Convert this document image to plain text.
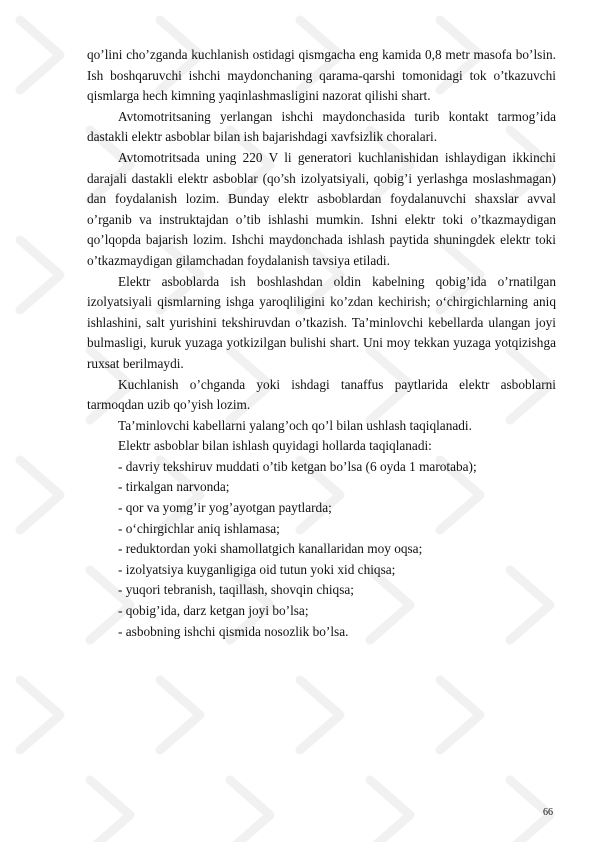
qo’lini cho’zganda kuchlanish ostidagi qismgacha eng kamida 0,8 metr masofa bo’lsin. Ish boshqaruvchi ishchi maydonchaning qarama-qarshi tomonidagi tok o’tkazuvchi qismlarga hech kimning yaqinlashmasligini nazorat qilishi shart.

Avtomotritsaning yerlangan ishchi maydonchasida turib kontakt tarmog’ida dastakli elektr asboblar bilan ish bajarishdagi xavfsizlik choralari.

Avtomotritsada uning 220 V li generatori kuchlanishidan ishlaydigan ikkinchi darajali dastakli elektr asboblar (qo’sh izolyatsiyali, qobig’i yerlashga moslashmagan) dan foydalanish lozim. Bunday elektr asboblardan foydalanuvchi shaxslar avval o’rganib va instruktajdan o’tib ishlashi mumkin. Ishni elektr toki o’tkazmaydigan qo’lqopda bajarish lozim. Ishchi maydonchada ishlash paytida shuningdek elektr toki o’tkazmaydigan gilamchadan foydalanish tavsiya etiladi.

Elektr asboblarda ish boshlashdan oldin kabelning qobig’ida o’rnatilgan izolyatsiyali qismlarning ishga yaroqliligini ko’zdan kechirish; o‘chirgichlarning aniq ishlashini, salt yurishini tekshiruvdan o’tkazish. Ta’minlovchi kebellarda ulangan joyi bulmasligi, kuruk yuzaga yotkizilgan bulishi shart. Uni moy tekkan yuzaga yotqizishga ruxsat berilmaydi.

Kuchlanish o’chganda yoki ishdagi tanaffus paytlarida elektr asboblarni tarmoqdan uzib qo’yish lozim.

Ta’minlovchi kabellarni yalang’och qo’l bilan ushlash taqiqlanadi.

Elektr asboblar bilan ishlash quyidagi hollarda taqiqlanadi:

- davriy tekshiruv muddati o’tib ketgan bo’lsa (6 oyda 1 marotaba);

- tirkalgan narvonda;

- qor va yomg’ir yog’ayotgan paytlarda;

- o‘chirgichlar aniq ishlamasa;

- reduktordan yoki shamollatgich kanallaridan moy oqsa;

- izolyatsiya kuyganligiga oid tutun yoki xid chiqsa;

- yuqori tebranish, taqillash, shovqin chiqsa;

- qobig’ida, darz ketgan joyi bo’lsa;

- asbobning ishchi qismida nosozlik bo’lsa.

66
